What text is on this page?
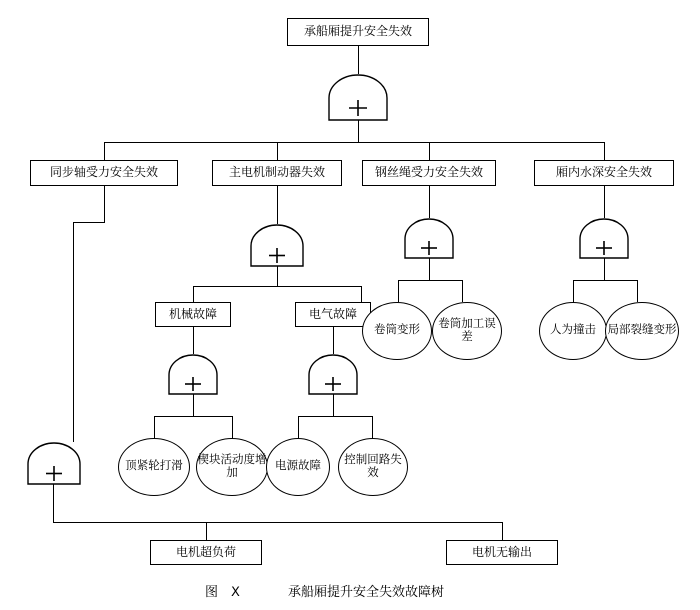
承船厢提升安全失效
同步轴受力安全失效	主电机制动器失效	钢丝绳受力安全失效	厢内水深安全失效
机械故障	电气故障
顶紧轮打滑
楔块活动度增加
电源故障
控制回路失效
卷筒变形
卷筒加工误差
人为撞击	局部裂缝变形
电机超负荷	电机无输出
图　Ⅹ	承船厢提升安全失效故障树
